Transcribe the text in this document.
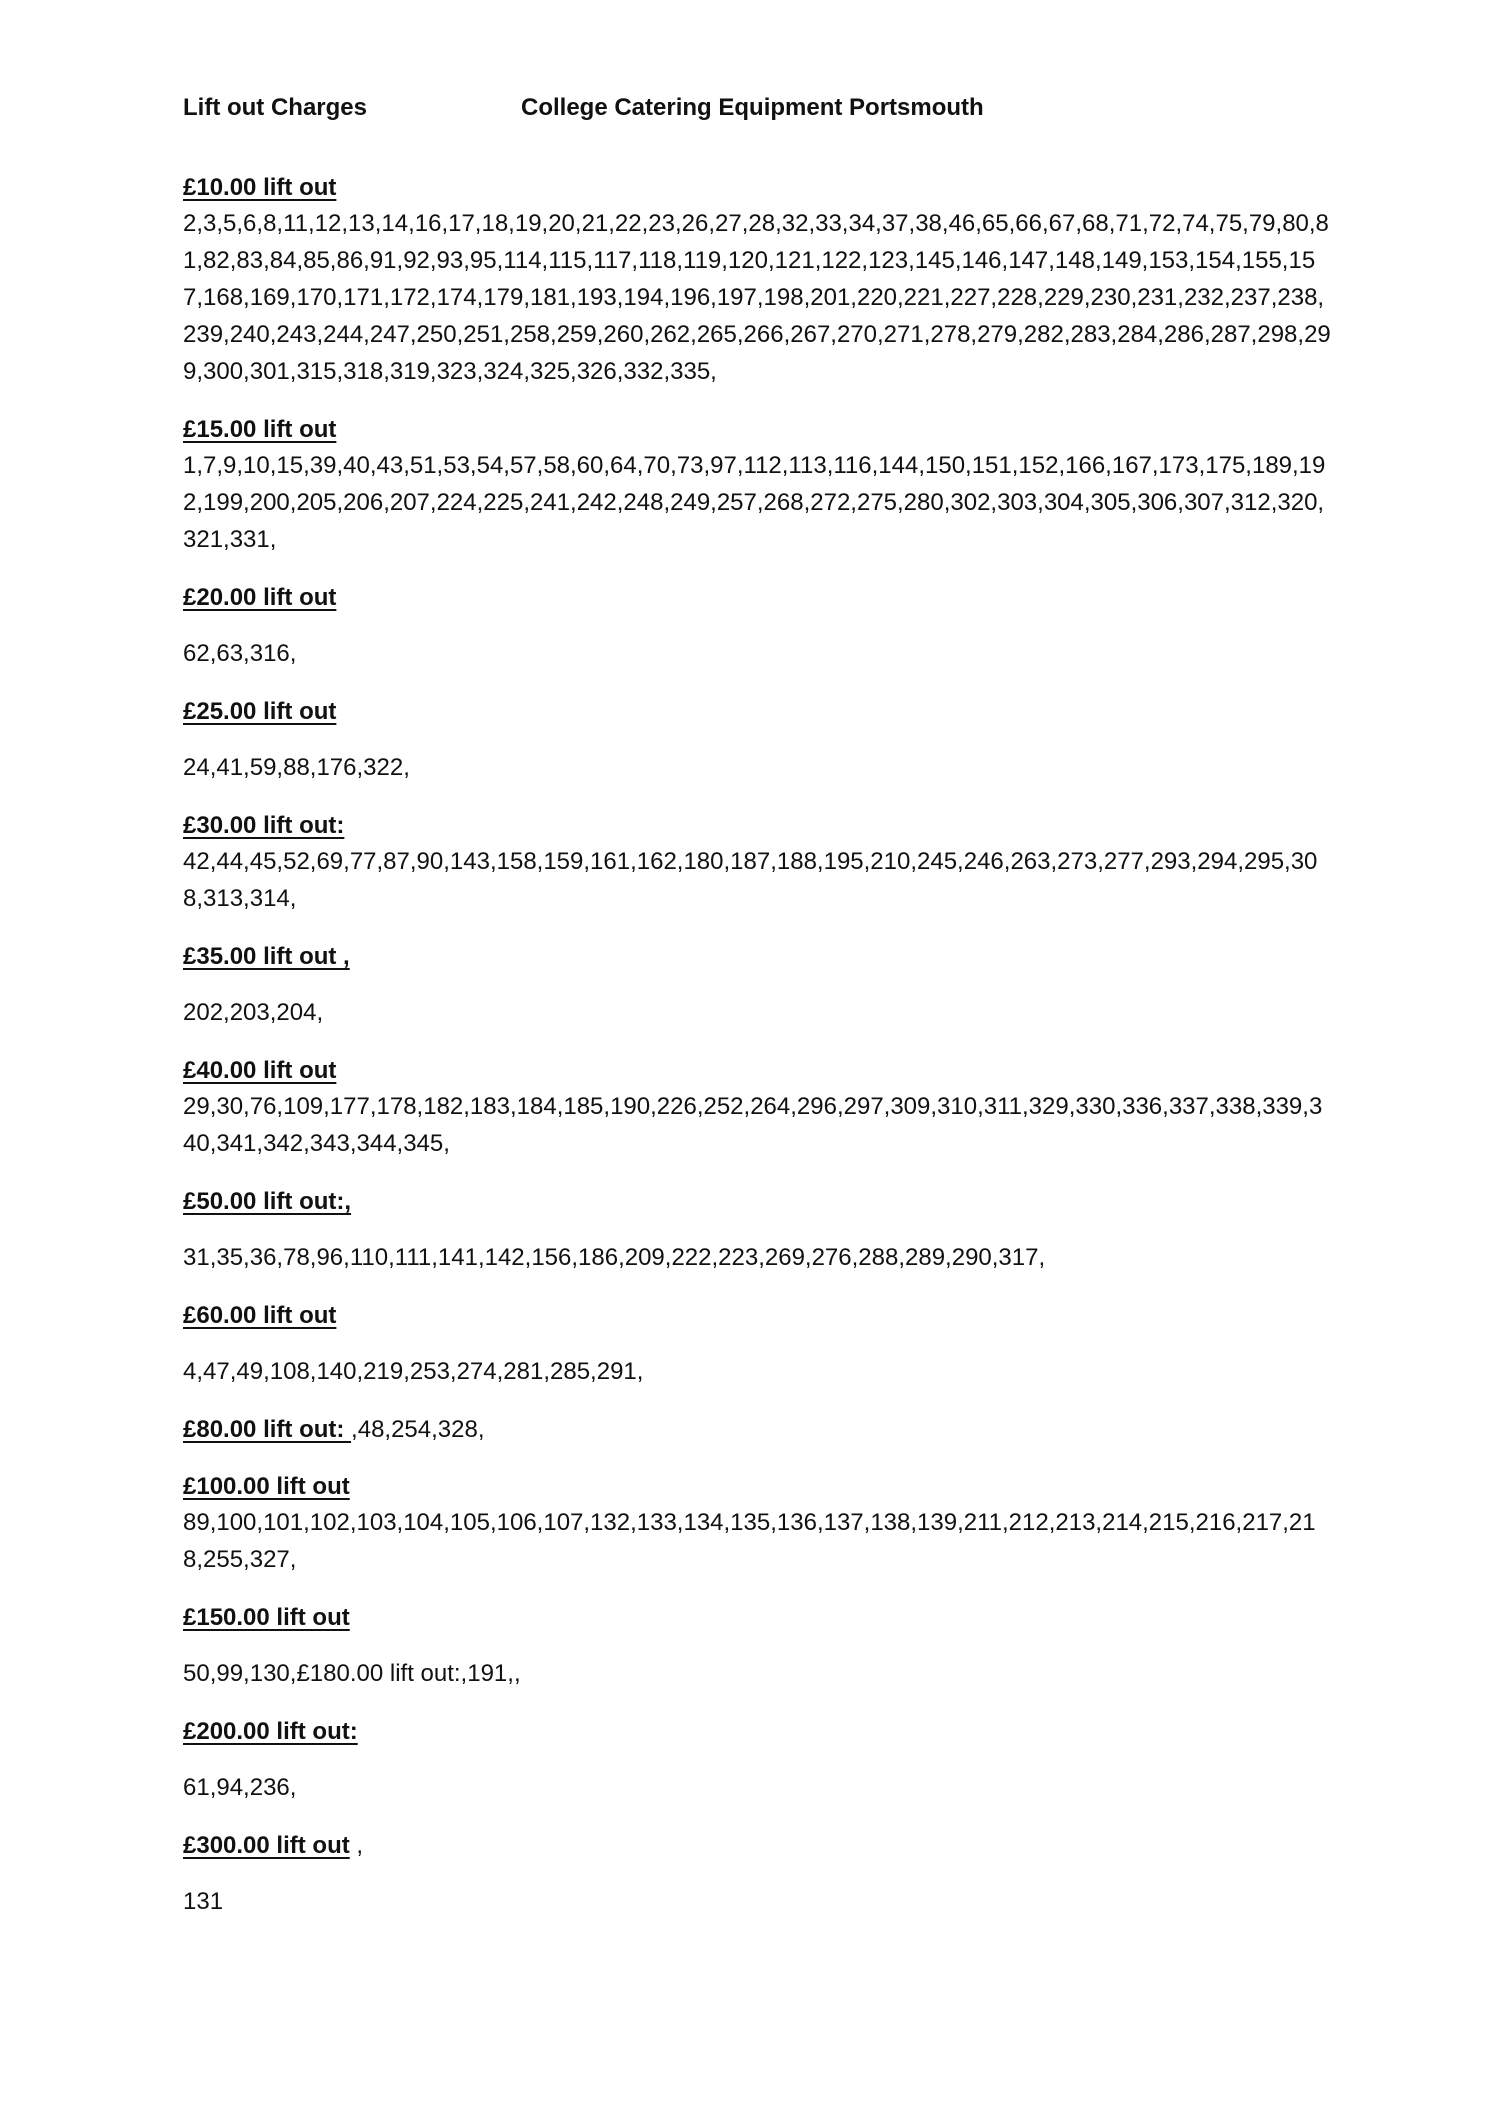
Lift out Charges	College Catering Equipment Portsmouth

£10.00 lift out

2,3,5,6,8,11,12,13,14,16,17,18,19,20,21,22,23,26,27,28,32,33,34,37,38,46,65,66,67,68,71,72,74,75,79,80,81,82,83,84,85,86,91,92,93,95,114,115,117,118,119,120,121,122,123,145,146,147,148,149,153,154,155,157,168,169,170,171,172,174,179,181,193,194,196,197,198,201,220,221,227,228,229,230,231,232,237,238,239,240,243,244,247,250,251,258,259,260,262,265,266,267,270,271,278,279,282,283,284,286,287,298,299,300,301,315,318,319,323,324,325,326,332,335,

£15.00 lift out

1,7,9,10,15,39,40,43,51,53,54,57,58,60,64,70,73,97,112,113,116,144,150,151,152,166,167,173,175,189,192,199,200,205,206,207,224,225,241,242,248,249,257,268,272,275,280,302,303,304,305,306,307,312,320,321,331,

£20.00 lift out

62,63,316,

£25.00 lift out

24,41,59,88,176,322,

£30.00 lift out:

42,44,45,52,69,77,87,90,143,158,159,161,162,180,187,188,195,210,245,246,263,273,277,293,294,295,308,313,314,

£35.00 lift out ,

202,203,204,

£40.00 lift out

29,30,76,109,177,178,182,183,184,185,190,226,252,264,296,297,309,310,311,329,330,336,337,338,339,340,341,342,343,344,345,

£50.00 lift out:,

31,35,36,78,96,110,111,141,142,156,186,209,222,223,269,276,288,289,290,317,

£60.00 lift out

4,47,49,108,140,219,253,274,281,285,291,

£80.00 lift out: ,48,254,328,

£100.00 lift out

89,100,101,102,103,104,105,106,107,132,133,134,135,136,137,138,139,211,212,213,214,215,216,217,218,255,327,

£150.00 lift out

50,99,130,£180.00 lift out:,191,,

£200.00 lift out:

61,94,236,

£300.00 lift out ,

131
